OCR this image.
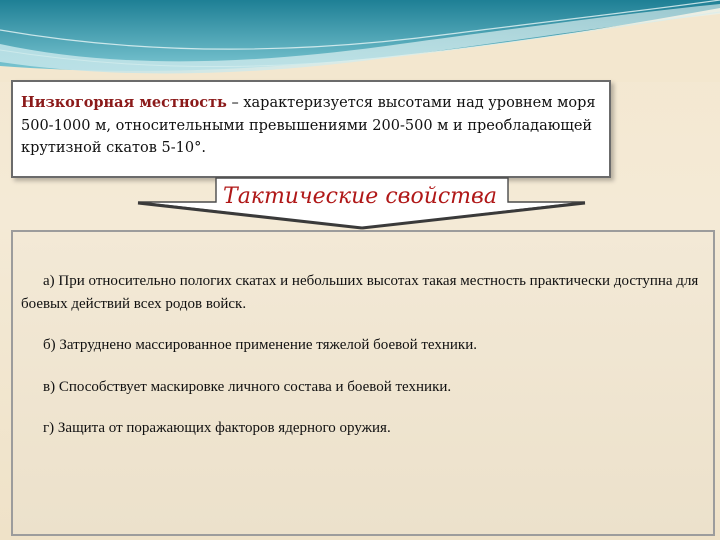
Низкогорная местность – характеризуется высотами над уровнем моря 500-1000 м, относительными превышениями 200-500 м и преобладающей крутизной скатов 5-10°.
Тактические свойства
а) При относительно пологих скатах и небольших высотах такая местность практически доступна для боевых действий всех родов войск.
б) Затруднено массированное применение тяжелой боевой техники.
в) Способствует маскировке личного состава и боевой техники.
г) Защита от поражающих факторов ядерного оружия.
